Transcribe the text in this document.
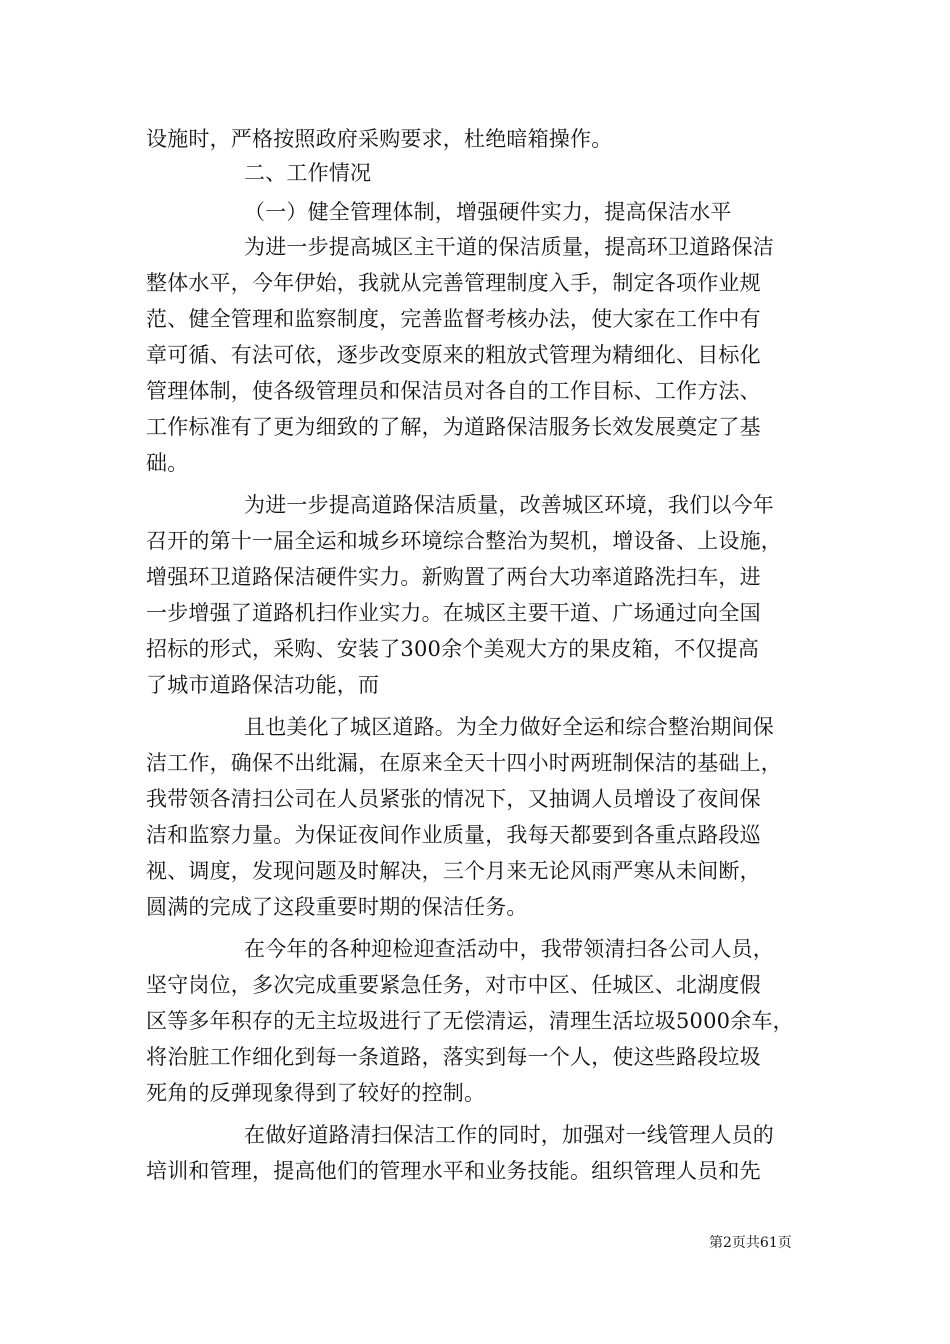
设施时，严格按照政府采购要求，杜绝暗箱操作。
二、工作情况
（一）健全管理体制，增强硬件实力，提高保洁水平
为进一步提高城区主干道的保洁质量，提高环卫道路保洁
整体水平，今年伊始，我就从完善管理制度入手，制定各项作业规
范、健全管理和监察制度，完善监督考核办法，使大家在工作中有
章可循、有法可依，逐步改变原来的粗放式管理为精细化、目标化
管理体制，使各级管理员和保洁员对各自的工作目标、工作方法、
工作标准有了更为细致的了解，为道路保洁服务长效发展奠定了基
础。
为进一步提高道路保洁质量，改善城区环境，我们以今年
召开的第十一届全运和城乡环境综合整治为契机，增设备、上设施，
增强环卫道路保洁硬件实力。新购置了两台大功率道路洗扫车，进
一步增强了道路机扫作业实力。在城区主要干道、广场通过向全国
招标的形式，采购、安装了300余个美观大方的果皮箱，不仅提高
了城市道路保洁功能，而
且也美化了城区道路。为全力做好全运和综合整治期间保
洁工作，确保不出纰漏，在原来全天十四小时两班制保洁的基础上，
我带领各清扫公司在人员紧张的情况下，又抽调人员增设了夜间保
洁和监察力量。为保证夜间作业质量，我每天都要到各重点路段巡
视、调度，发现问题及时解决，三个月来无论风雨严寒从未间断，
圆满的完成了这段重要时期的保洁任务。
在今年的各种迎检迎查活动中，我带领清扫各公司人员，
坚守岗位，多次完成重要紧急任务，对市中区、任城区、北湖度假
区等多年积存的无主垃圾进行了无偿清运，清理生活垃圾5000余车，
将治脏工作细化到每一条道路，落实到每一个人，使这些路段垃圾
死角的反弹现象得到了较好的控制。
在做好道路清扫保洁工作的同时，加强对一线管理人员的
培训和管理，提高他们的管理水平和业务技能。组织管理人员和先
第2页共61页
